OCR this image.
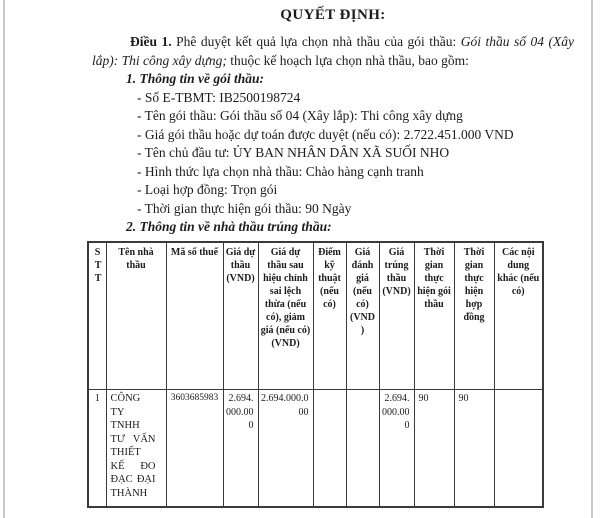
QUYẾT ĐỊNH:

Điều 1. Phê duyệt kết quả lựa chọn nhà thầu của gói thầu: Gói thầu số 04 (Xây lắp): Thi công xây dựng; thuộc kế hoạch lựa chọn nhà thầu, bao gồm:

1. Thông tin về gói thầu:

- Số E-TBMT: IB2500198724

- Tên gói thầu: Gói thầu số 04 (Xây lắp): Thi công xây dựng

- Giá gói thầu hoặc dự toán được duyệt (nếu có): 2.722.451.000 VND

- Tên chủ đầu tư: ỦY BAN NHÂN DÂN XÃ SUỐI NHO

- Hình thức lựa chọn nhà thầu: Chào hàng cạnh tranh

- Loại hợp đồng: Trọn gói

- Thời gian thực hiện gói thầu: 90 Ngày

2. Thông tin về nhà thầu trúng thầu:

STT	Tên nhà thầu	Mã số thuế	Giá dự thầu (VND)	Giá dự thầu sau hiệu chỉnh sai lệch thừa (nếu có), giảm giá (nếu có) (VND)	Điểm kỹ thuật (nếu có)	Giá đánh giá (nếu có) (VND)	Giá trúng thầu (VND)	Thời gian thực hiện gói thầu	Thời gian thực hiện hợp đồng	Các nội dung khác (nếu có)
1	CÔNG TY TNHH TƯ VẤN THIẾT KẾ ĐO ĐẠC ĐẠI THÀNH	3603685983	2.694.000.000	2.694.000.000			2.694.000.000	90	90	
